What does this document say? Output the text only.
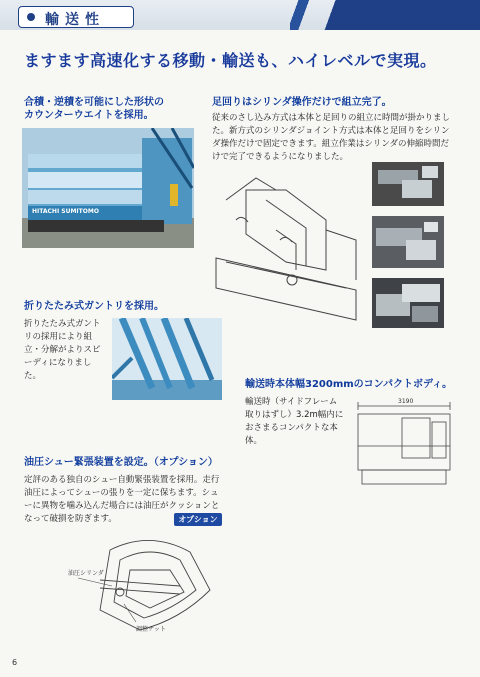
輸送性
ますます高速化する移動・輸送も、ハイレベルで実現。
合積・逆積を可能にした形状の
カウンターウエイトを採用。
HITACHI SUMITOMO
足回りはシリンダ操作だけで組立完了。
従来のさし込み方式は本体と足回りの組立に時間が掛かりました。新方式のシリンダジョイント方式は本体と足回りをシリンダ操作だけで固定できます。組立作業はシリンダの伸縮時間だけで完了できるようになりました。
折りたたみ式ガントリを採用。
折りたたみ式ガントリの採用により組立・分解がよりスピーディになりました。
輸送時本体幅3200mmのコンパクトボディ。
輸送時（サイドフレーム取りはずし）3.2m幅内におさまるコンパクトな本体。
3190
油圧シュー緊張装置を設定。（オプション）
定評のある独自のシュー自動緊張装置を採用。走行油圧によってシューの張りを一定に保ちます。シューに異物を噛み込んだ場合には油圧がクッションとなって破損を防ぎます。	オプション
油圧シリンダ
調整ナット
6
